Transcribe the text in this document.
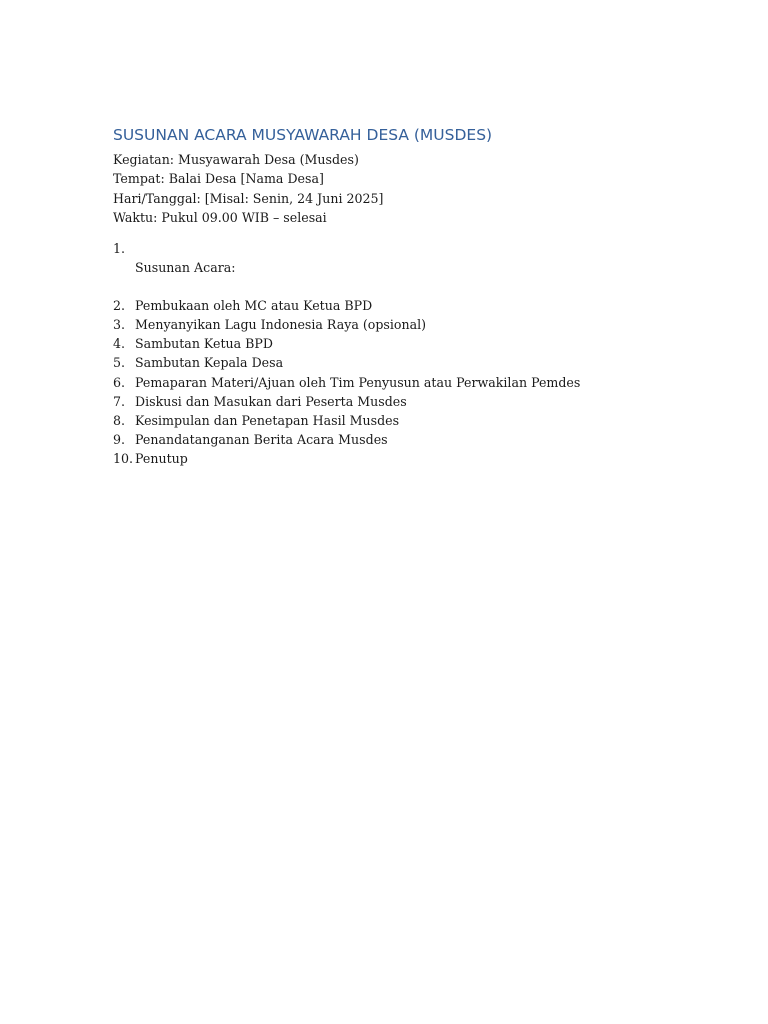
SUSUNAN ACARA MUSYAWARAH DESA (MUSDES)
Kegiatan: Musyawarah Desa (Musdes)
Tempat: Balai Desa [Nama Desa]
Hari/Tanggal: [Misal: Senin, 24 Juni 2025]
Waktu: Pukul 09.00 WIB – selesai
1.
Susunan Acara:
2. Pembukaan oleh MC atau Ketua BPD
3. Menyanyikan Lagu Indonesia Raya (opsional)
4. Sambutan Ketua BPD
5. Sambutan Kepala Desa
6. Pemaparan Materi/Ajuan oleh Tim Penyusun atau Perwakilan Pemdes
7. Diskusi dan Masukan dari Peserta Musdes
8. Kesimpulan dan Penetapan Hasil Musdes
9. Penandatanganan Berita Acara Musdes
10. Penutup
